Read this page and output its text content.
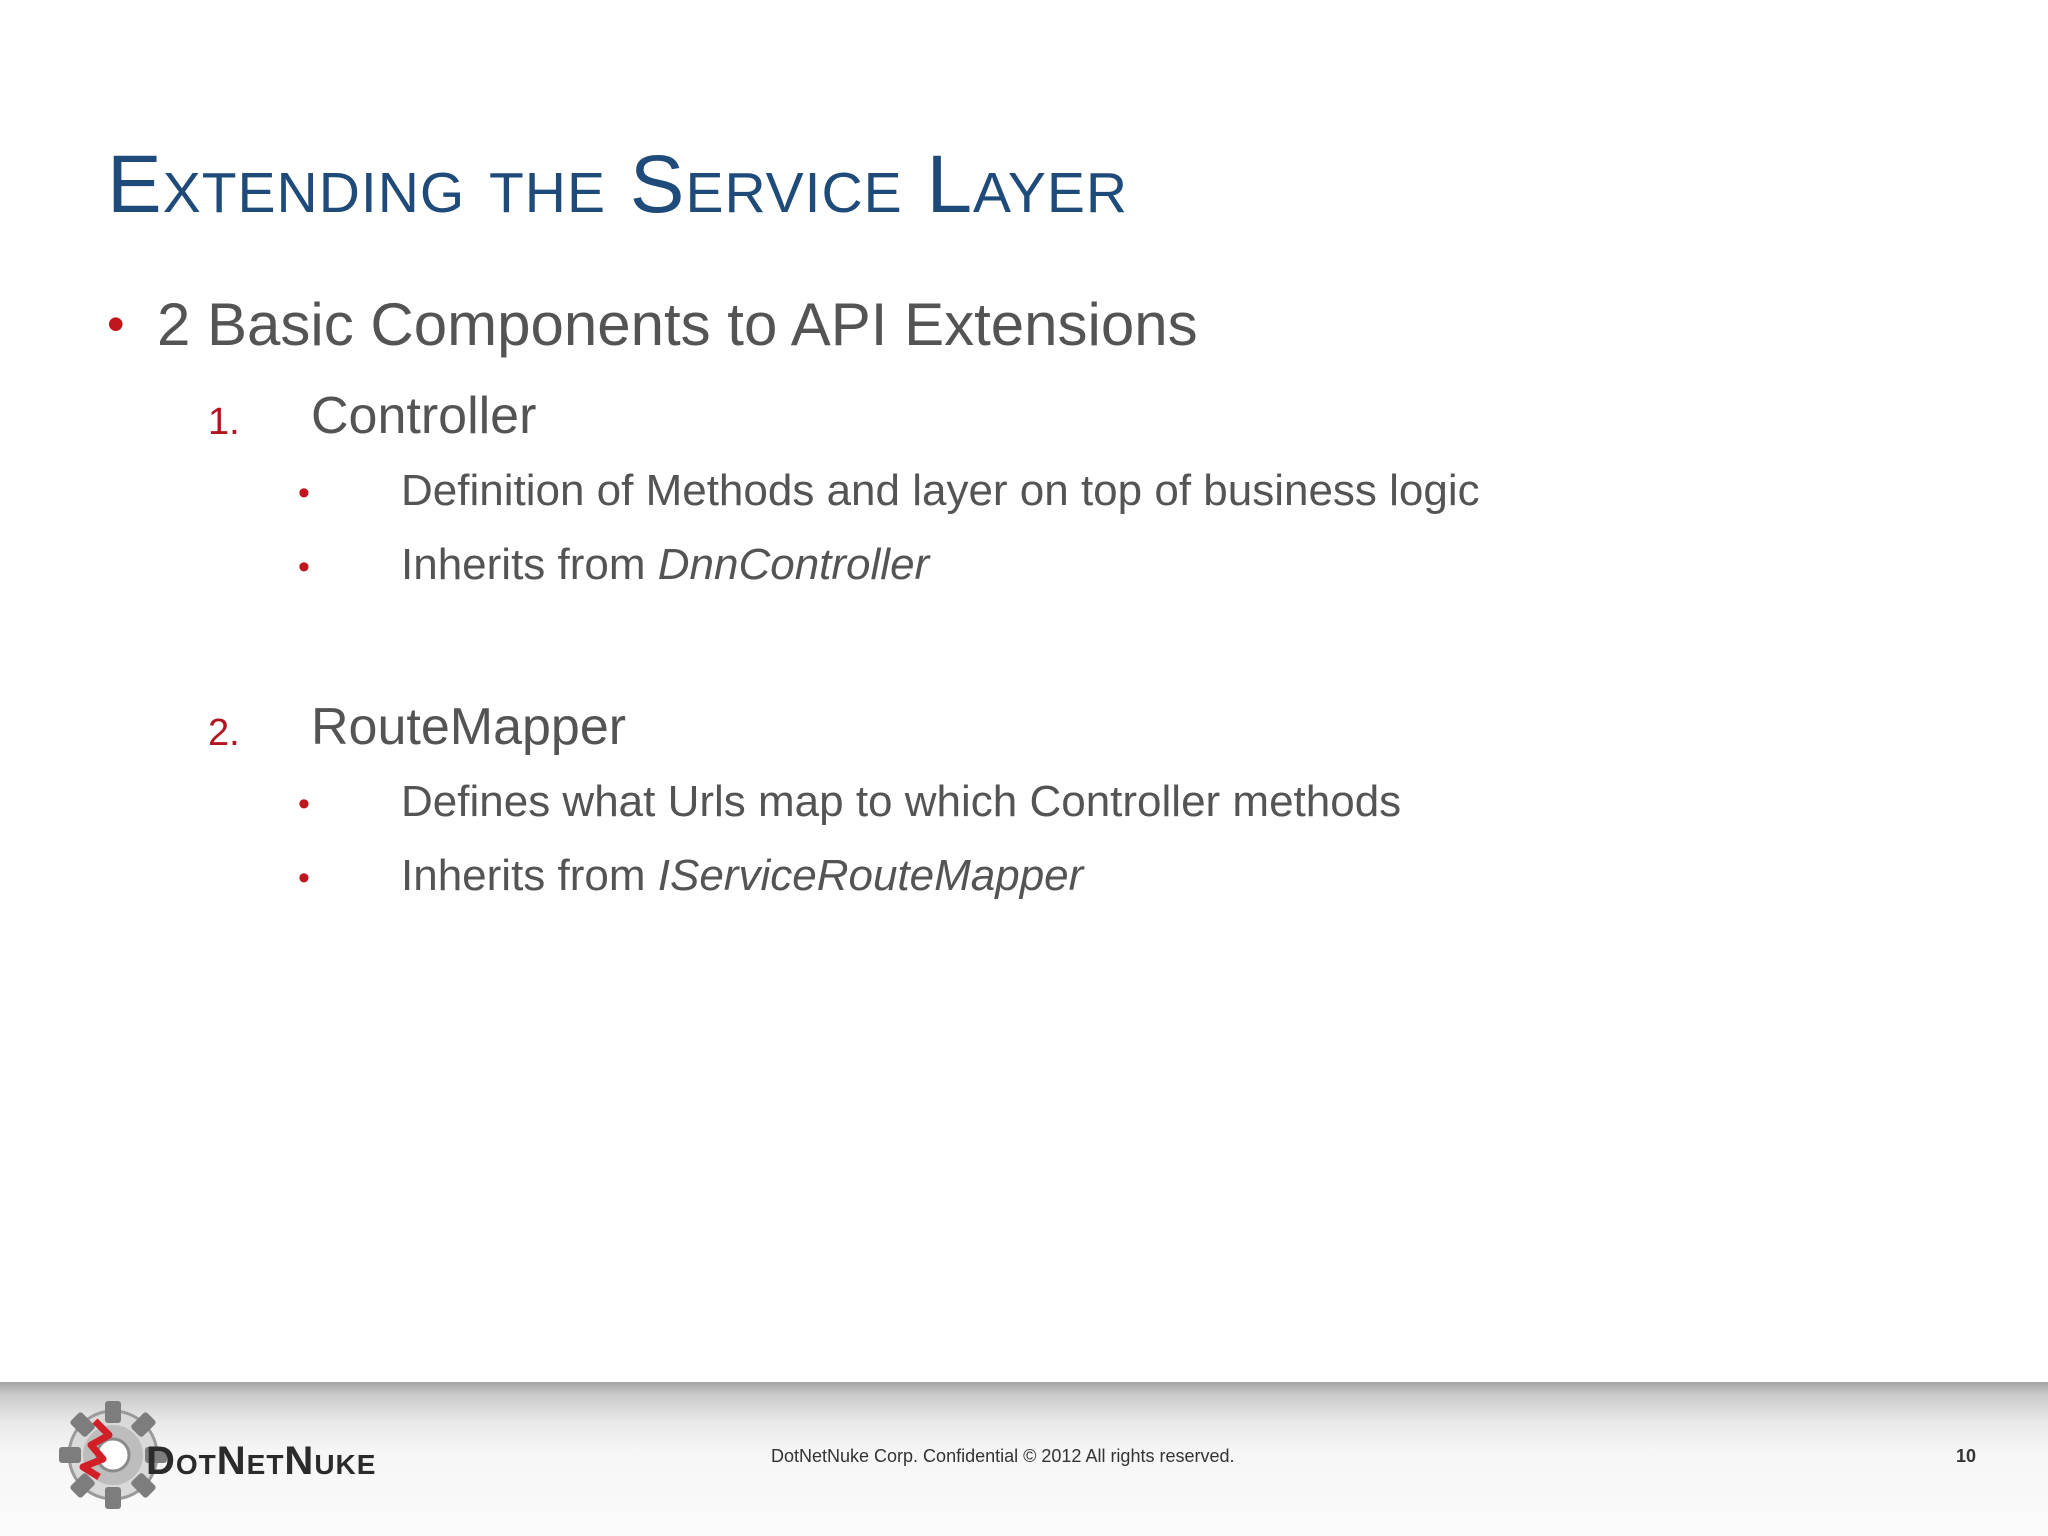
Extending the Service Layer
• 2 Basic Components to API Extensions
1. Controller
• Definition of Methods and layer on top of business logic
• Inherits from DnnController
2. RouteMapper
• Defines what Urls map to which Controller methods
• Inherits from IServiceRouteMapper
DotNetNuke	DotNetNuke Corp. Confidential © 2012 All rights reserved.	10
